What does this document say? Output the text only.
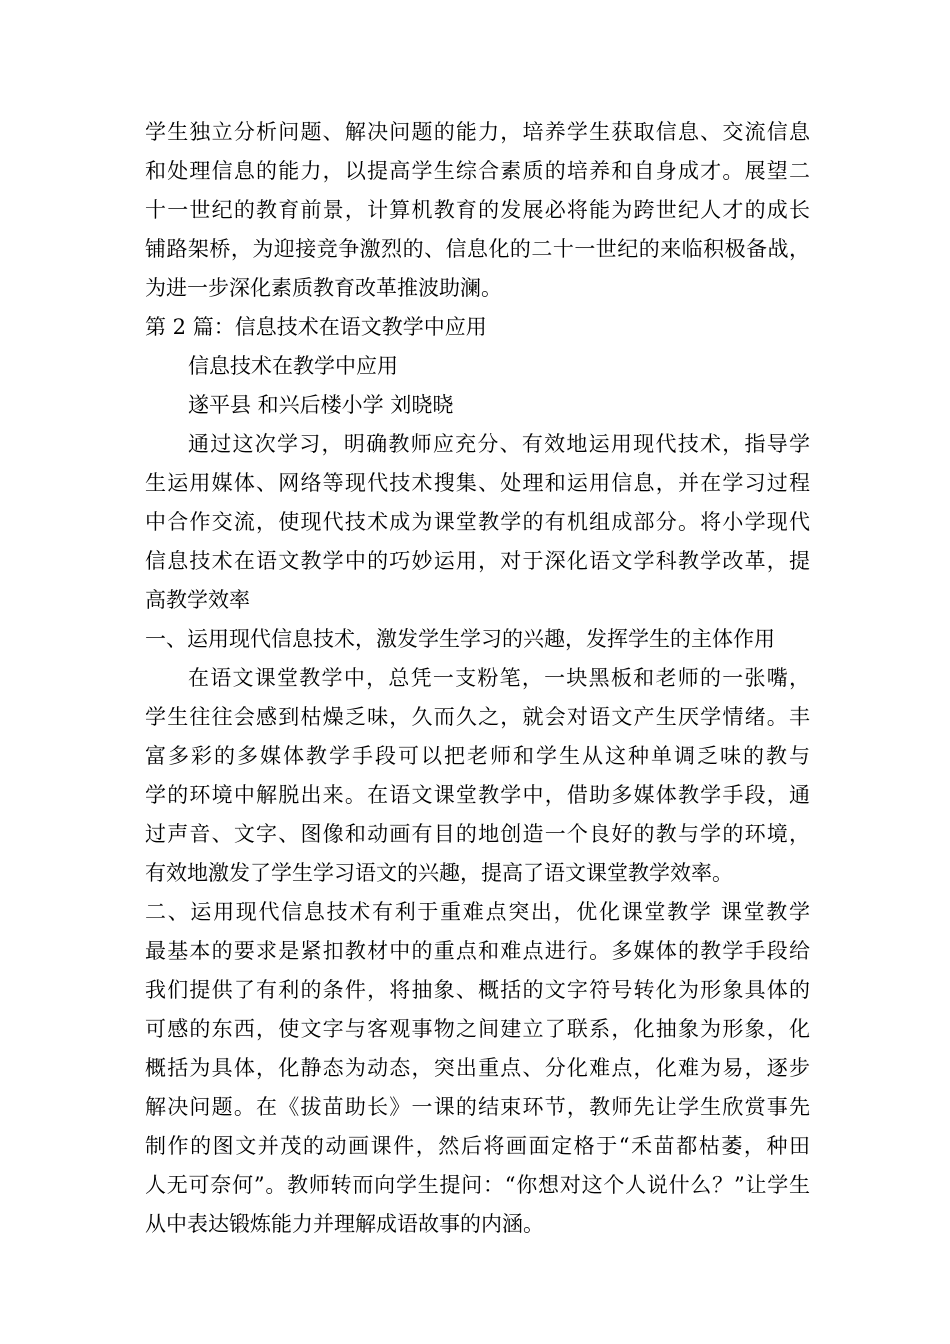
学生独立分析问题、解决问题的能力，培养学生获取信息、交流信息
和处理信息的能力，以提高学生综合素质的培养和自身成才。展望二
十一世纪的教育前景，计算机教育的发展必将能为跨世纪人才的成长
铺路架桥，为迎接竞争激烈的、信息化的二十一世纪的来临积极备战，
为进一步深化素质教育改革推波助澜。
第 2 篇：信息技术在语文教学中应用
信息技术在教学中应用
遂平县 和兴后楼小学 刘晓晓
通过这次学习，明确教师应充分、有效地运用现代技术，指导学
生运用媒体、网络等现代技术搜集、处理和运用信息，并在学习过程
中合作交流，使现代技术成为课堂教学的有机组成部分。将小学现代
信息技术在语文教学中的巧妙运用，对于深化语文学科教学改革，提
高教学效率
一、运用现代信息技术，激发学生学习的兴趣，发挥学生的主体作用
在语文课堂教学中，总凭一支粉笔，一块黑板和老师的一张嘴，
学生往往会感到枯燥乏味，久而久之，就会对语文产生厌学情绪。丰
富多彩的多媒体教学手段可以把老师和学生从这种单调乏味的教与
学的环境中解脱出来。在语文课堂教学中，借助多媒体教学手段，通
过声音、文字、图像和动画有目的地创造一个良好的教与学的环境，
有效地激发了学生学习语文的兴趣，提高了语文课堂教学效率。
二、运用现代信息技术有利于重难点突出，优化课堂教学 课堂教学
最基本的要求是紧扣教材中的重点和难点进行。多媒体的教学手段给
我们提供了有利的条件，将抽象、概括的文字符号转化为形象具体的
可感的东西，使文字与客观事物之间建立了联系，化抽象为形象，化
概括为具体，化静态为动态，突出重点、分化难点，化难为易，逐步
解决问题。在《拔苗助长》一课的结束环节，教师先让学生欣赏事先
制作的图文并茂的动画课件，然后将画面定格于“禾苗都枯萎，种田
人无可奈何”。教师转而向学生提问：“你想对这个人说什么？”让学生
从中表达锻炼能力并理解成语故事的内涵。
